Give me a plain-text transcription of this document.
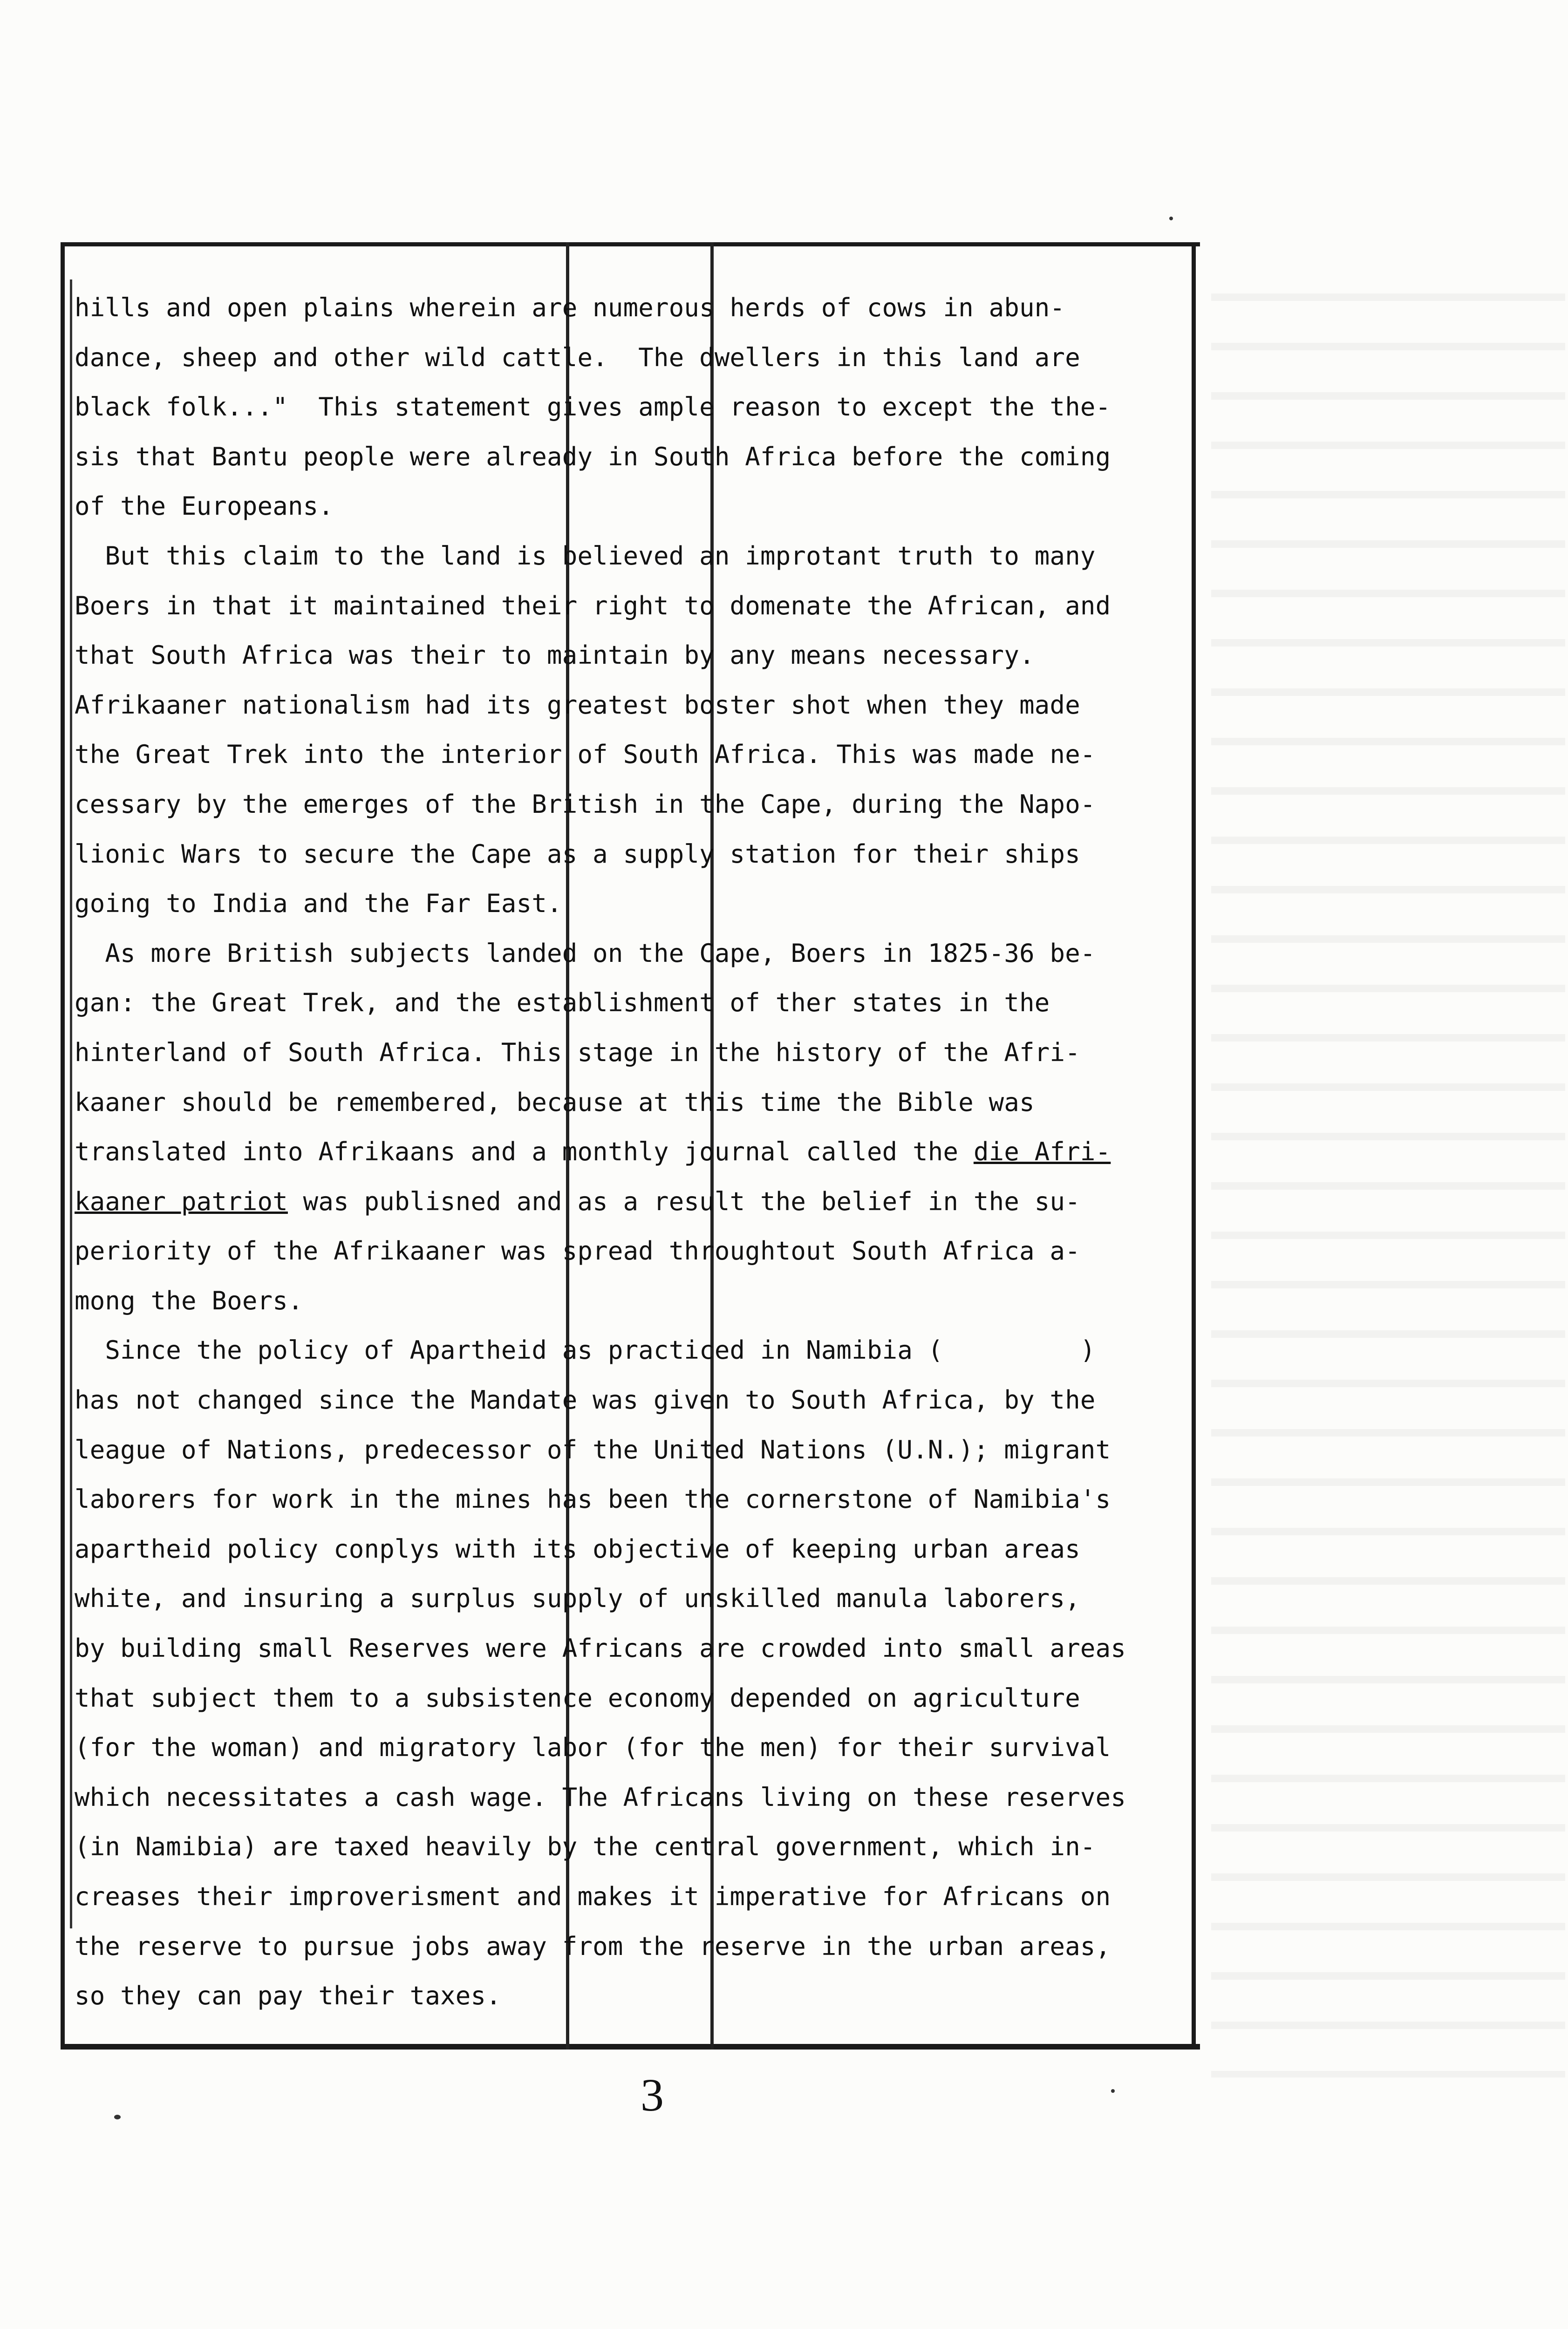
hills and open plains wherein are numerous herds of cows in abun-
dance, sheep and other wild cattle.  The dwellers in this land are
black folk..."  This statement gives ample reason to except the the-
sis that Bantu people were already in South Africa before the coming
of the Europeans.
But this claim to the land is believed an improtant truth to many
Boers in that it maintained their right to domenate the African, and
that South Africa was their to maintain by any means necessary.
Afrikaaner nationalism had its greatest boster shot when they made
the Great Trek into the interior of South Africa. This was made ne-
cessary by the emerges of the British in the Cape, during the Napo-
lionic Wars to secure the Cape as a supply station for their ships
going to India and the Far East.
As more British subjects landed on the Cape, Boers in 1825-36 be-
gan: the Great Trek, and the establishment of ther states in the
hinterland of South Africa. This stage in the history of the Afri-
kaaner should be remembered, because at this time the Bible was
translated into Afrikaans and a monthly journal called the die Afri-
kaaner patriot was publisned and as a result the belief in the su-
periority of the Afrikaaner was spread throughtout South Africa a-
mong the Boers.
Since the policy of Apartheid as practiced in Namibia (         )
has not changed since the Mandate was given to South Africa, by the
league of Nations, predecessor of the United Nations (U.N.); migrant
laborers for work in the mines has been the cornerstone of Namibia's
apartheid policy conplys with its objective of keeping urban areas
white, and insuring a surplus supply of unskilled manula laborers,
by building small Reserves were Africans are crowded into small areas
that subject them to a subsistence economy depended on agriculture
(for the woman) and migratory labor (for the men) for their survival
which necessitates a cash wage. The Africans living on these reserves
(in Namibia) are taxed heavily by the central government, which in-
creases their improverisment and makes it imperative for Africans on
the reserve to pursue jobs away from the reserve in the urban areas,
so they can pay their taxes.
3
